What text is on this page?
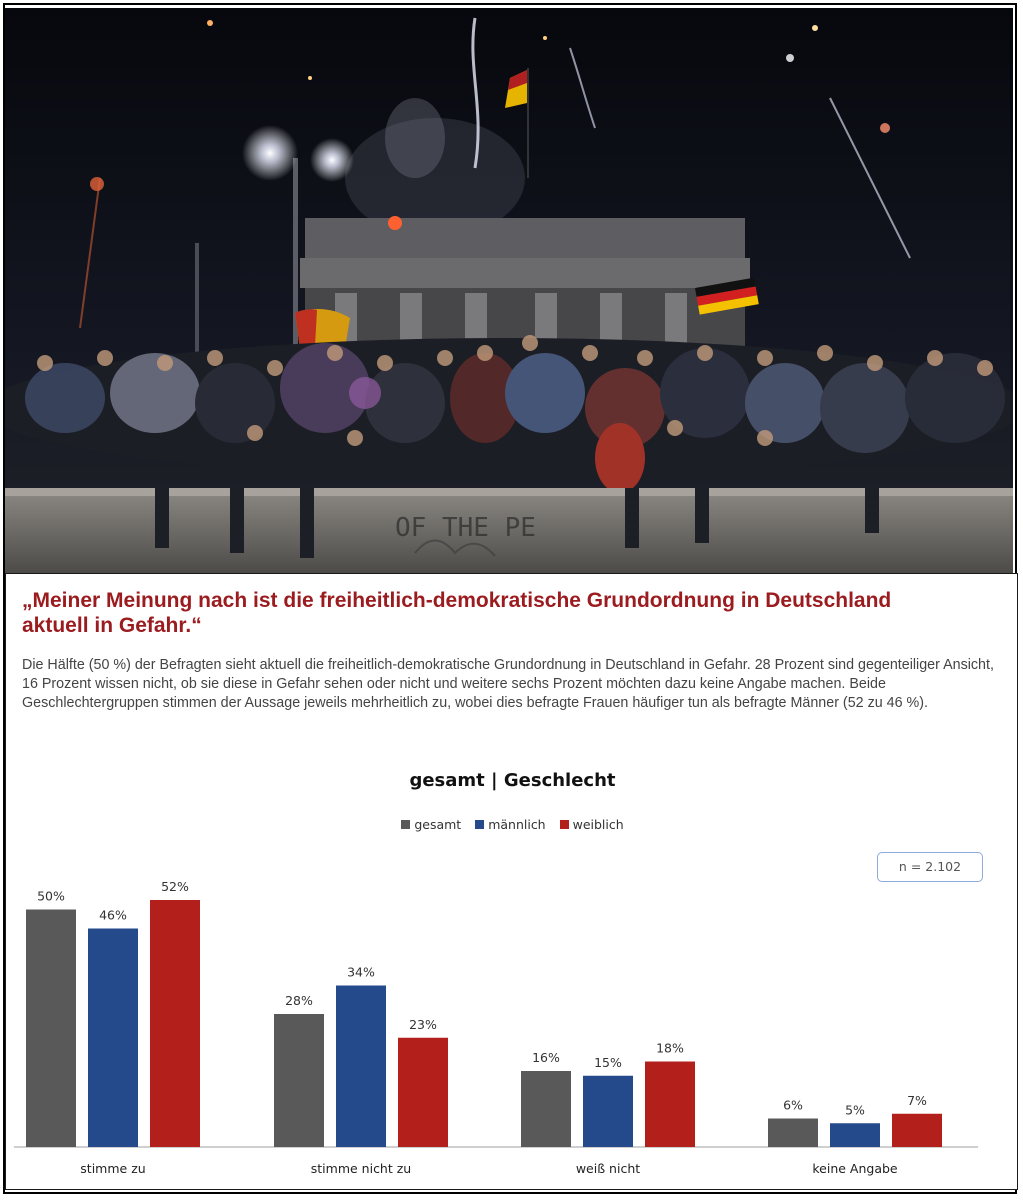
OF THE PE
„Meiner Meinung nach ist die freiheitlich-demokratische Grundordnung in Deutschland aktuell in Gefahr.“
Die Hälfte (50 %) der Befragten sieht aktuell die freiheitlich-demokratische Grundordnung in Deutschland in Gefahr. 28 Prozent sind gegenteiliger Ansicht, 16 Prozent wissen nicht, ob sie diese in Gefahr sehen oder nicht und weitere sechs Prozent möchten dazu keine Angabe machen. Beide Geschlechtergruppen stimmen der Aussage jeweils mehrheitlich zu, wobei dies befragte Frauen häufiger tun als befragte Männer (52 zu 46 %).
gesamt | Geschlecht
gesamt männlich weiblich
n = 2.102
50%
46%
52%
stimme zu
28%
34%
23%
stimme nicht zu
16%	15%
18%
weiß nicht
6%	5%
7%
keine Angabe
